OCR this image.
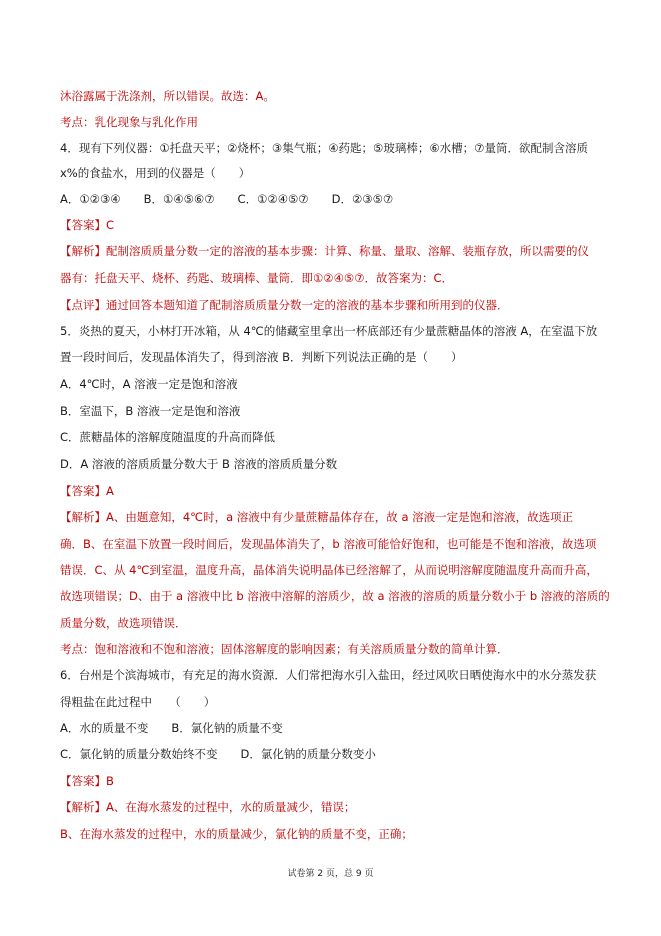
沐浴露属于洗涤剂，所以错误。故选：A。
考点：乳化现象与乳化作用
4．现有下列仪器：①托盘天平；②烧杯；③集气瓶；④药匙；⑤玻璃棒；⑥水槽；⑦量筒．欲配制含溶质
x%的食盐水，用到的仪器是（　　）
A．①②③④　　B．①④⑤⑥⑦　　C．①②④⑤⑦　　D．②③⑤⑦
【答案】C
【解析】配制溶质质量分数一定的溶液的基本步骤：计算、称量、量取、溶解、装瓶存放，所以需要的仪
器有：托盘天平、烧杯、药匙、玻璃棒、量筒．即①②④⑤⑦．故答案为：C．
【点评】通过回答本题知道了配制溶质质量分数一定的溶液的基本步骤和所用到的仪器．
5．炎热的夏天，小林打开冰箱，从 4℃的储藏室里拿出一杯底部还有少量蔗糖晶体的溶液 A，在室温下放
置一段时间后，发现晶体消失了，得到溶液 B．判断下列说法正确的是（　　）
A．4℃时，A 溶液一定是饱和溶液
B．室温下，B 溶液一定是饱和溶液
C．蔗糖晶体的溶解度随温度的升高而降低
D．A 溶液的溶质质量分数大于 B 溶液的溶质质量分数
【答案】A
【解析】A、由题意知，4℃时，a 溶液中有少量蔗糖晶体存在，故 a 溶液一定是饱和溶液，故选项正
确．B、在室温下放置一段时间后，发现晶体消失了，b 溶液可能恰好饱和，也可能是不饱和溶液，故选项
错误．C、从 4℃到室温，温度升高，晶体消失说明晶体已经溶解了，从而说明溶解度随温度升高而升高，
故选项错误；D、由于 a 溶液中比 b 溶液中溶解的溶质少，故 a 溶液的溶质的质量分数小于 b 溶液的溶质的
质量分数，故选项错误．
考点：饱和溶液和不饱和溶液；固体溶解度的影响因素；有关溶质质量分数的简单计算．
6．台州是个滨海城市，有充足的海水资源．人们常把海水引入盐田，经过风吹日晒使海水中的水分蒸发获
得粗盐在此过程中　　（　　）
A．水的质量不变　　B．氯化钠的质量不变
C．氯化钠的质量分数始终不变　　D．氯化钠的质量分数变小
【答案】B
【解析】A、在海水蒸发的过程中，水的质量减少，错误；
B、在海水蒸发的过程中，水的质量减少，氯化钠的质量不变，正确；
试卷第 2 页，总 9 页
